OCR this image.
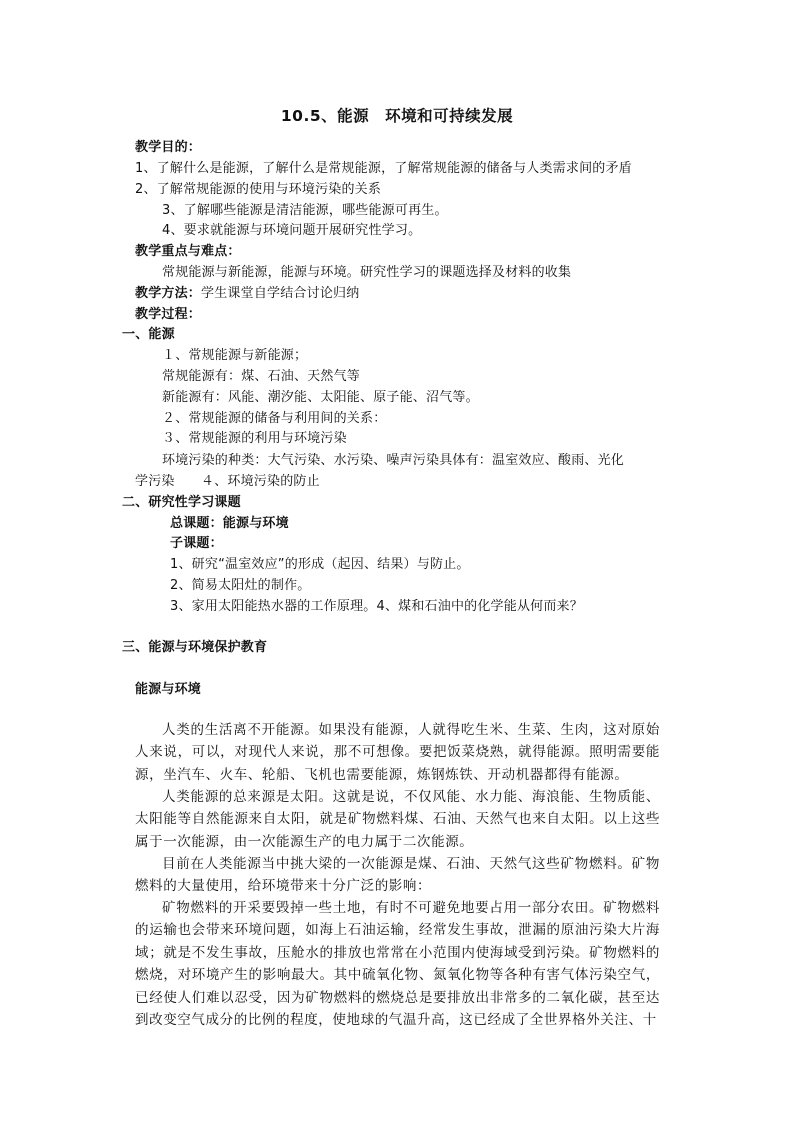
10.5、能源　环境和可持续发展
教学目的：
1、了解什么是能源，了解什么是常规能源，了解常规能源的储备与人类需求间的矛盾
2、了解常规能源的使用与环境污染的关系
3、了解哪些能源是清洁能源，哪些能源可再生。
4、要求就能源与环境问题开展研究性学习。
教学重点与难点：
常规能源与新能源，能源与环境。研究性学习的课题选择及材料的收集
教学方法：学生课堂自学结合讨论归纳
教学过程：
一、能源
１、常规能源与新能源；
常规能源有：煤、石油、天然气等
新能源有：风能、潮汐能、太阳能、原子能、沼气等。
２、常规能源的储备与利用间的关系：
３、常规能源的利用与环境污染
环境污染的种类：大气污染、水污染、噪声污染具体有：温室效应、酸雨、光化
学污染　　４、环境污染的防止
二、研究性学习课题
总课题：能源与环境
子课题：
1、研究“温室效应”的形成（起因、结果）与防止。
2、简易太阳灶的制作。
3、家用太阳能热水器的工作原理。4、煤和石油中的化学能从何而来？
三、能源与环境保护教育
能源与环境
人类的生活离不开能源。如果没有能源，人就得吃生米、生菜、生肉，这对原始人来说，可以，对现代人来说，那不可想像。要把饭菜烧熟，就得能源。照明需要能源，坐汽车、火车、轮船、飞机也需要能源，炼钢炼铁、开动机器都得有能源。
人类能源的总来源是太阳。这就是说，不仅风能、水力能、海浪能、生物质能、太阳能等自然能源来自太阳，就是矿物燃料煤、石油、天然气也来自太阳。以上这些属于一次能源，由一次能源生产的电力属于二次能源。
目前在人类能源当中挑大梁的一次能源是煤、石油、天然气这些矿物燃料。矿物燃料的大量使用，给环境带来十分广泛的影响：
矿物燃料的开采要毁掉一些土地，有时不可避免地要占用一部分农田。矿物燃料的运输也会带来环境问题，如海上石油运输，经常发生事故，泄漏的原油污染大片海域；就是不发生事故，压舱水的排放也常常在小范围内使海域受到污染。矿物燃料的燃烧，对环境产生的影响最大。其中硫氧化物、氮氧化物等各种有害气体污染空气，已经使人们难以忍受，因为矿物燃料的燃烧总是要排放出非常多的二氧化碳，甚至达到改变空气成分的比例的程度，使地球的气温升高，这已经成了全世界格外关注、十
